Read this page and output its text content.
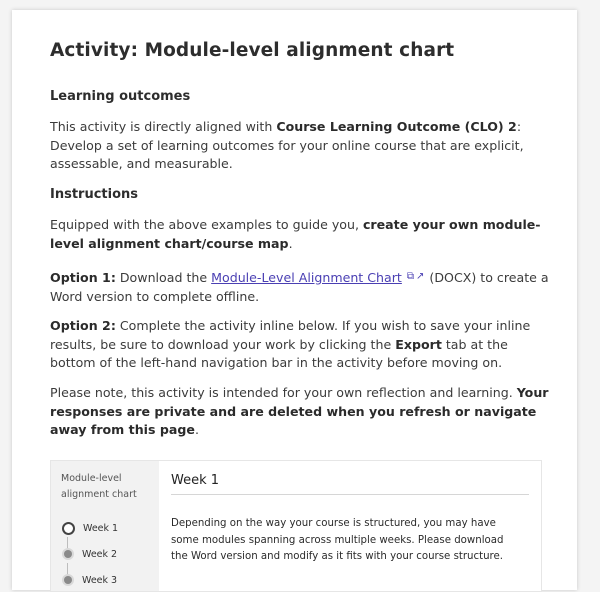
Activity: Module-level alignment chart
Learning outcomes

This activity is directly aligned with Course Learning Outcome (CLO) 2: Develop a set of learning outcomes for your online course that are explicit, assessable, and measurable.

Instructions

Equipped with the above examples to guide you, create your own module-level alignment chart/course map.

Option 1: Download the Module-Level Alignment Chart ⧉ ↗ (DOCX) to create a Word version to complete offline.

Option 2: Complete the activity inline below. If you wish to save your inline results, be sure to download your work by clicking the Export tab at the bottom of the left-hand navigation bar in the activity before moving on.

Please note, this activity is intended for your own reflection and learning. Your responses are private and are deleted when you refresh or navigate away from this page.

Module-level alignment chart
Week 1
Week 2
Week 3
Week 1
Depending on the way your course is structured, you may have some modules spanning across multiple weeks. Please download the Word version and modify as it fits with your course structure.
